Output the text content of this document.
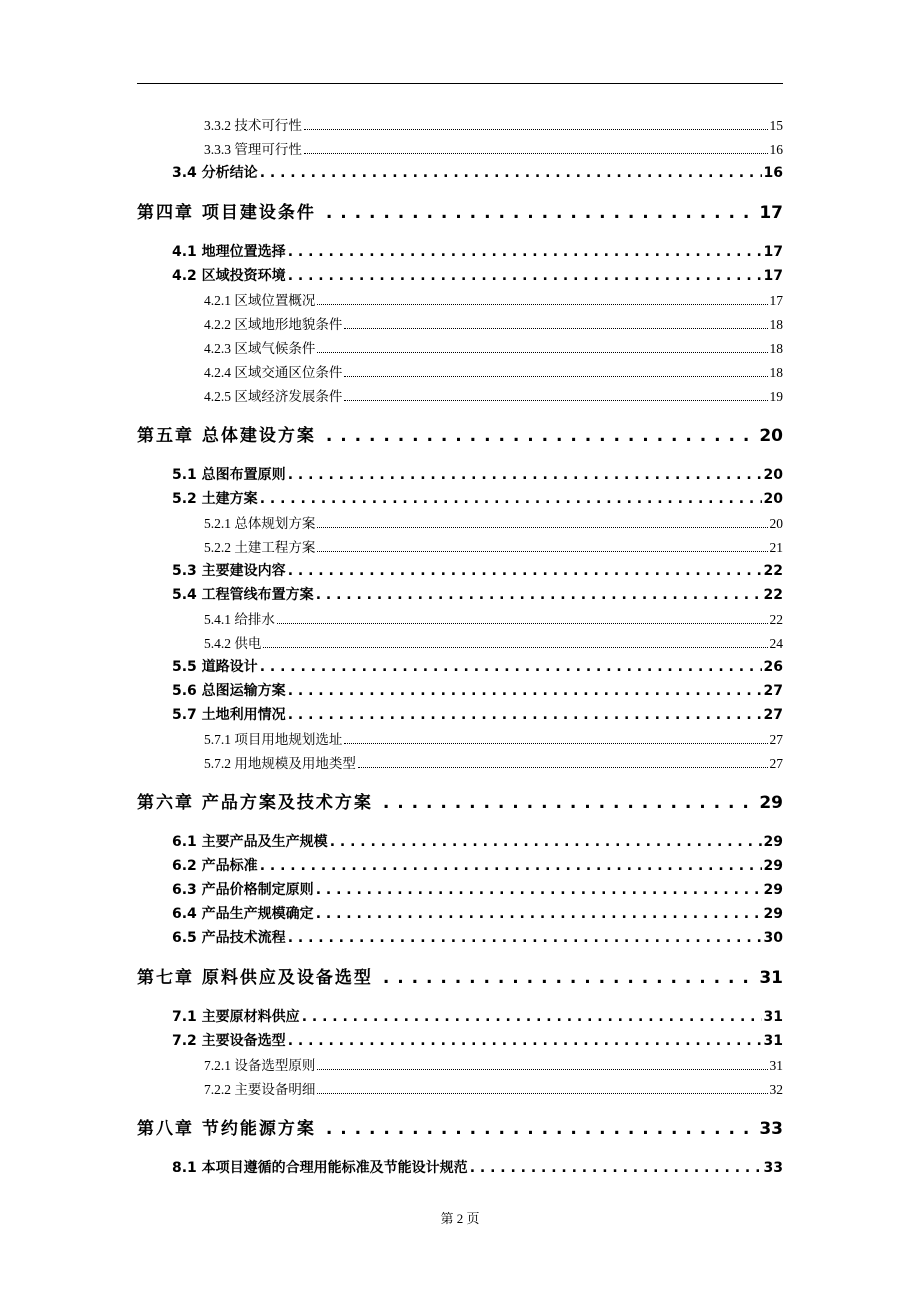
3.3.2 技术可行性	15
3.3.3 管理可行性	16
3.4 分析结论 . . .	16
第四章 项目建设条件 . . .	17
4.1 地理位置选择 . . .	17
4.2 区域投资环境 . . .	17
4.2.1 区域位置概况	17
4.2.2 区域地形地貌条件	18
4.2.3 区域气候条件	18
4.2.4 区域交通区位条件	18
4.2.5 区域经济发展条件	19
第五章 总体建设方案 . . .	20
5.1 总图布置原则 . . .	20
5.2 土建方案 . . .	20
5.2.1 总体规划方案	20
5.2.2 土建工程方案	21
5.3 主要建设内容 . . .	22
5.4 工程管线布置方案 . . .	22
5.4.1 给排水	22
5.4.2 供电	24
5.5 道路设计 . . .	26
5.6 总图运输方案 . . .	27
5.7 土地利用情况 . . .	27
5.7.1 项目用地规划选址	27
5.7.2 用地规模及用地类型	27
第六章 产品方案及技术方案 . . .	29
6.1 主要产品及生产规模 . . .	29
6.2 产品标准 . . .	29
6.3 产品价格制定原则 . . .	29
6.4 产品生产规模确定 . . .	29
6.5 产品技术流程 . . .	30
第七章 原料供应及设备选型 . . .	31
7.1 主要原材料供应 . . .	31
7.2 主要设备选型 . . .	31
7.2.1 设备选型原则	31
7.2.2 主要设备明细	32
第八章 节约能源方案 . . .	33
8.1 本项目遵循的合理用能标准及节能设计规范 . . .	33
第 2 页
